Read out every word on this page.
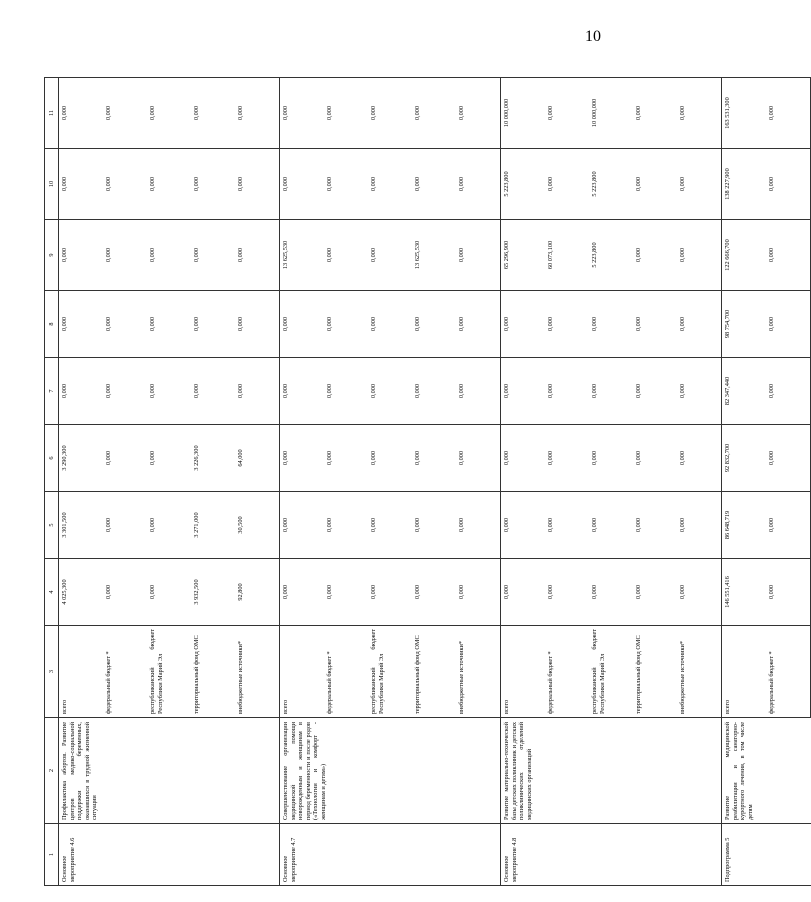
10
1	2	3	4	5	6	7	8	9	10	11
Основное мероприятие 4.6	Профилактика абортов. Развитие центров медико-социальной поддержки беременных, оказавшихся в трудной жизненной ситуации	всего	4 025,300	3 301,500	3 290,300	0,000	0,000	0,000	0,000	0,000
		федеральный бюджет *	0,000	0,000	0,000	0,000	0,000	0,000	0,000	0,000
		республиканский бюджет Республики Марий Эл	0,000	0,000	0,000	0,000	0,000	0,000	0,000	0,000
		территориальный фонд ОМС	3 932,500	3 271,000	3 226,300	0,000	0,000	0,000	0,000	0,000
		внебюджетные источники*	92,800	30,500	64,000	0,000	0,000	0,000	0,000	0,000
Основное мероприятие 4.7	Совершенствование организации медицинской помощи новорожденным и женщинам в период беременности и после родов («Технологии и комфорт - женщинам и детям»)	всего	0,000	0,000	0,000	0,000	0,000	13 625,530	0,000	0,000
		федеральный бюджет *	0,000	0,000	0,000	0,000	0,000	0,000	0,000	0,000
		республиканский бюджет Республики Марий Эл	0,000	0,000	0,000	0,000	0,000	0,000	0,000	0,000
		территориальный фонд ОМС	0,000	0,000	0,000	0,000	0,000	13 625,530	0,000	0,000
		внебюджетные источники*	0,000	0,000	0,000	0,000	0,000	0,000	0,000	0,000
Основное мероприятие 4.8	Развитие материально-технической базы детских поликлиник и детских поликлинических отделений медицинских организаций	всего	0,000	0,000	0,000	0,000	0,000	65 296,900	5 223,800	10 000,000
		федеральный бюджет *	0,000	0,000	0,000	0,000	0,000	60 073,100	0,000	0,000
		республиканский бюджет Республики Марий Эл	0,000	0,000	0,000	0,000	0,000	5 223,800	5 223,800	10 000,000
		территориальный фонд ОМС	0,000	0,000	0,000	0,000	0,000	0,000	0,000	0,000
		внебюджетные источники*	0,000	0,000	0,000	0,000	0,000	0,000	0,000	0,000
Подпрограмма 5	Развитие медицинской реабилитации и санаторно-курортного лечения, в том числе детям	всего	146 551,416	86 648,719	92 832,700	82 347,440	98 754,700	122 666,700	138 227,900	163 531,300
		федеральный бюджет *	0,000	0,000	0,000	0,000	0,000	0,000	0,000	0,000
